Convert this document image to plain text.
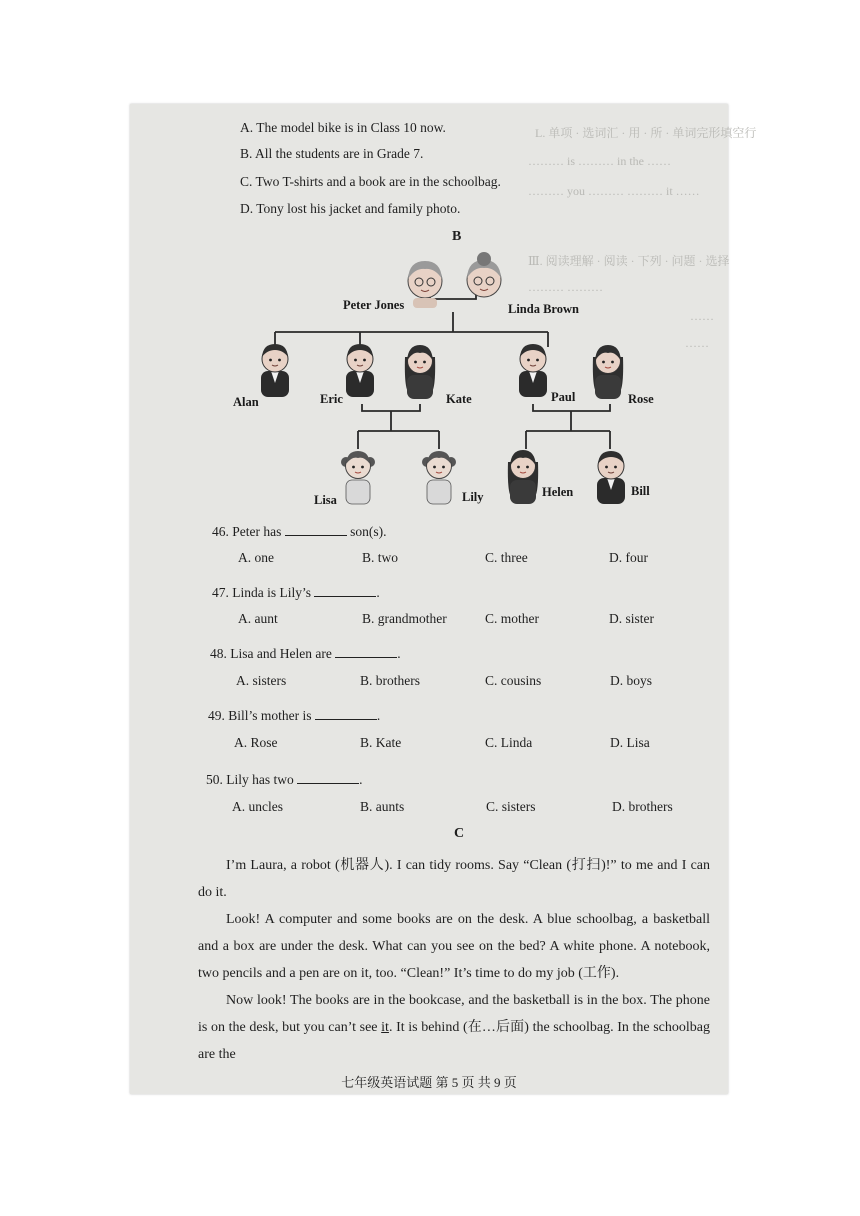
L. 单项 · 选词汇 · 用 · 所 · 单词完形填空行
……… is ……… in the ……
……… you ……… ……… it ……
Ⅲ. 阅读理解 · 阅读 · 下列 · 问题 · 选择
……… ………
……
……
A. The model bike is in Class 10 now.
B. All the students are in Grade 7.
C. Two T-shirts and a book are in the schoolbag.
D. Tony lost his jacket and family photo.
B
Peter Jones	Linda Brown
Alan	Eric	Kate	Paul	Rose
Lisa	Lily	Helen	Bill
46. Peter has	son(s).
A. one	B. two	C. three	D. four
47. Linda is Lily’s	.
A. aunt	B. grandmother	C. mother	D. sister
48. Lisa and Helen are	.
A. sisters	B. brothers	C. cousins	D. boys
49. Bill’s mother is	.
A. Rose	B. Kate	C. Linda	D. Lisa
50. Lily has two	.
A. uncles	B. aunts	C. sisters	D. brothers
C

I’m Laura, a robot (机器人). I can tidy rooms. Say “Clean (打扫)!” to me and I can do it.

Look! A computer and some books are on the desk. A blue schoolbag, a basketball and a box are under the desk. What can you see on the bed? A white phone. A notebook, two pencils and a pen are on it, too. “Clean!” It’s time to do my job (工作).

Now look! The books are in the bookcase, and the basketball is in the box. The phone is on the desk, but you can’t see it. It is behind (在…后面) the schoolbag. In the schoolbag are the

七年级英语试题 第 5 页 共 9 页
